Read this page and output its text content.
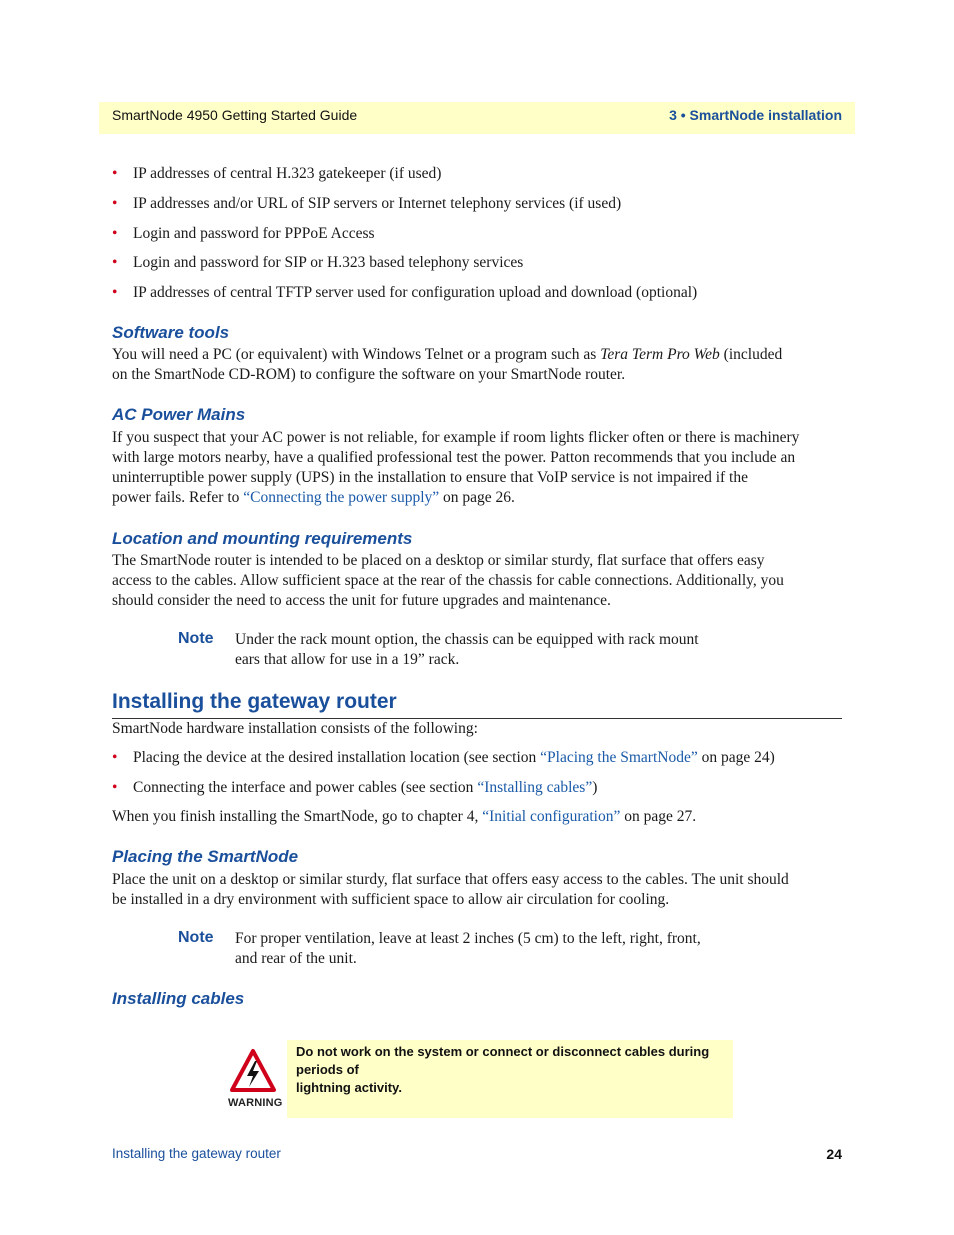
SmartNode 4950 Getting Started Guide	3 • SmartNode installation
• IP addresses of central H.323 gatekeeper (if used)
• IP addresses and/or URL of SIP servers or Internet telephony services (if used)
• Login and password for PPPoE Access
• Login and password for SIP or H.323 based telephony services
• IP addresses of central TFTP server used for configuration upload and download (optional)
Software tools
You will need a PC (or equivalent) with Windows Telnet or a program such as Tera Term Pro Web (included
on the SmartNode CD-ROM) to configure the software on your SmartNode router.
AC Power Mains
If you suspect that your AC power is not reliable, for example if room lights flicker often or there is machinery
with large motors nearby, have a qualified professional test the power. Patton recommends that you include an
uninterruptible power supply (UPS) in the installation to ensure that VoIP service is not impaired if the
power fails. Refer to “Connecting the power supply” on page 26.
Location and mounting requirements
The SmartNode router is intended to be placed on a desktop or similar sturdy, flat surface that offers easy
access to the cables. Allow sufficient space at the rear of the chassis for cable connections. Additionally, you
should consider the need to access the unit for future upgrades and maintenance.
Note Under the rack mount option, the chassis can be equipped with rack mount
ears that allow for use in a 19” rack.
Installing the gateway router
SmartNode hardware installation consists of the following:
• Placing the device at the desired installation location (see section “Placing the SmartNode” on page 24)
• Connecting the interface and power cables (see section “Installing cables”)
When you finish installing the SmartNode, go to chapter 4, “Initial configuration” on page 27.
Placing the SmartNode
Place the unit on a desktop or similar sturdy, flat surface that offers easy access to the cables. The unit should
be installed in a dry environment with sufficient space to allow air circulation for cooling.
Note For proper ventilation, leave at least 2 inches (5 cm) to the left, right, front,
and rear of the unit.
Installing cables
WARNING
Do not work on the system or connect or disconnect cables during periods of
lightning activity.
Installing the gateway router	24
